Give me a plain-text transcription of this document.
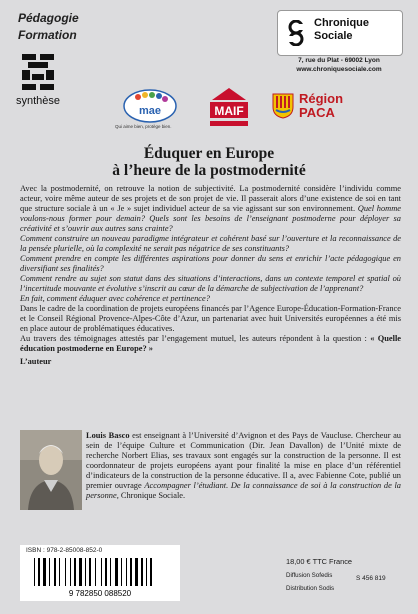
Pédagogie
Formation
synthèse
Chronique
Sociale
7, rue du Plat - 69002 Lyon
www.chroniquesociale.com
mae
Qui aime bien, protège bien.
MAIF
Région
PACA
Éduquer en Europe
à l’heure de la postmodernité

Avec la postmodernité, on retrouve la notion de subjectivité. La postmodernité considère l’individu comme acteur, voire même auteur de ses projets et de son projet de vie. Il passerait alors d’une existence de soi en tant que structure sociale à un « Je » sujet individuel acteur de sa vie agissant sur son environnement. Quel homme voulons-nous former pour demain? Quels sont les besoins de l’enseignant postmoderne pour déployer sa créativité et s’ouvrir aux autres sans crainte?

Comment construire un nouveau paradigme intégrateur et cohérent basé sur l’ouverture et la reconnaissance de la pensée plurielle, où la complexité ne serait pas négatrice de ses constituants?

Comment prendre en compte les différentes aspirations pour donner du sens et enrichir l’acte pédagogique en diversifiant ses finalités?

Comment rendre au sujet son statut dans des situations d’interactions, dans un contexte temporel et spatial où l’incertitude mouvante et évolutive s’inscrit au cœur de la démarche de subjectivation de l’apprenant?

En fait, comment éduquer avec cohérence et pertinence?

Dans le cadre de la coordination de projets européens financés par l’Agence Europe-Éducation-Formation-France et le Conseil Régional Provence-Alpes-Côte d’Azur, un partenariat avec huit Universités européennes a été mis en place autour de problématiques éducatives.

Au travers des témoignages attestés par l’engagement mutuel, les auteurs répondent à la question : « Quelle éducation postmoderne en Europe? »

L’auteur

Louis Basco est enseignant à l’Université d’Avignon et des Pays de Vaucluse. Chercheur au sein de l’équipe Culture et Communication (Dir. Jean Davallon) de l’Unité mixte de recherche Norbert Elias, ses travaux sont engagés sur la construction de la personne. Il est coordonnateur de projets européens ayant pour finalité la mise en place d’un référentiel d’indicateurs de la construction de la personne éducative. Il a, avec Fabienne Cote, publié un premier ouvrage Accompagner l’étudiant. De la connaissance de soi à la construction de la personne, Chronique Sociale.
ISBN : 978-2-85008-852-0
9 782850 088520
18,00 € TTC France
Diffusion Sofedis
Distribution Sodis
S 456 819
